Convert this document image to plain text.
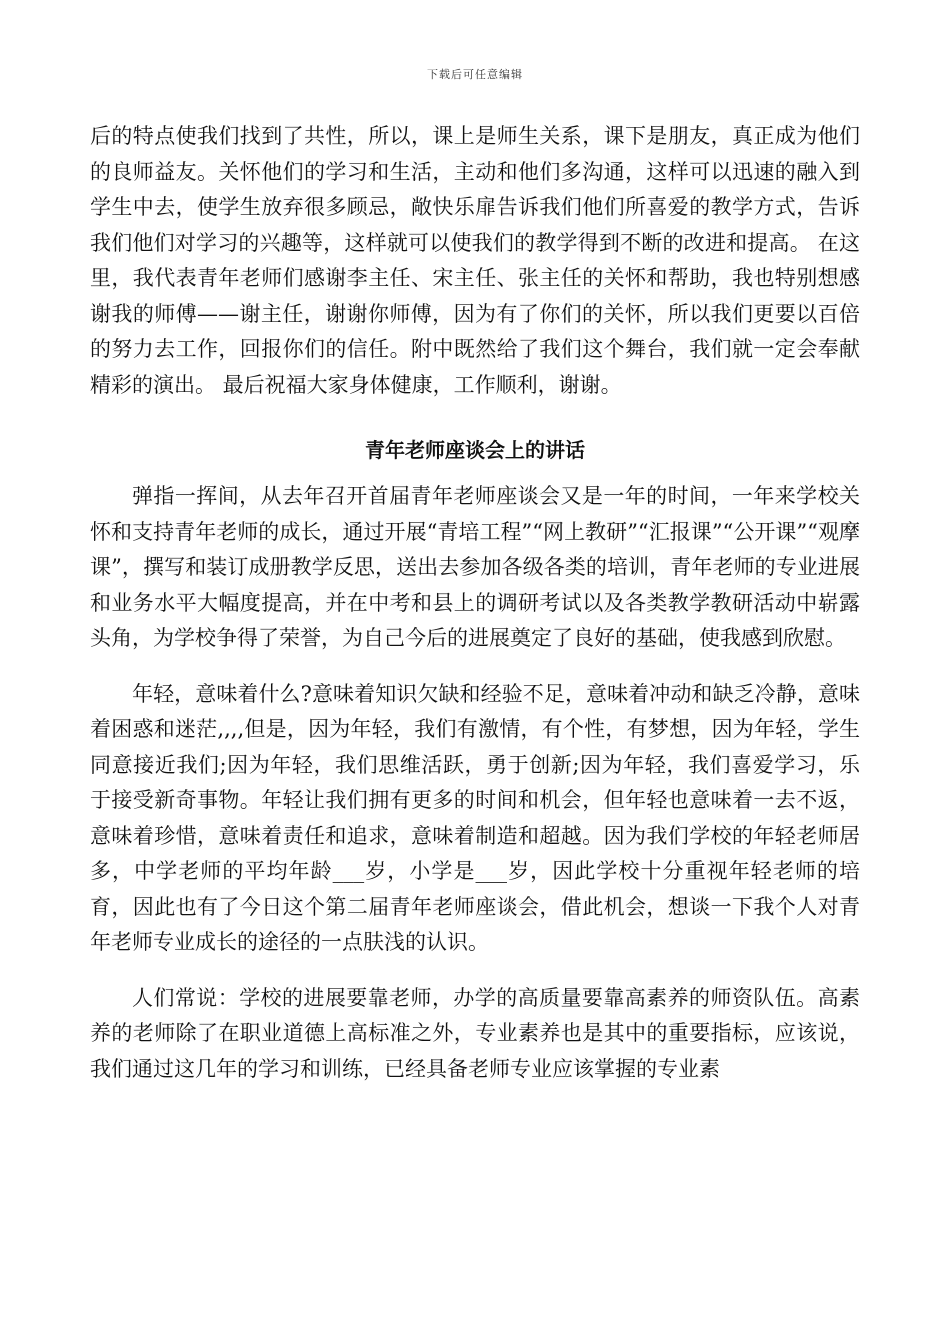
下载后可任意编辑

后的特点使我们找到了共性，所以，课上是师生关系，课下是朋友，真正成为他们的良师益友。关怀他们的学习和生活，主动和他们多沟通，这样可以迅速的融入到学生中去，使学生放弃很多顾忌，敞快乐扉告诉我们他们所喜爱的教学方式，告诉我们他们对学习的兴趣等，这样就可以使我们的教学得到不断的改进和提高。 在这里，我代表青年老师们感谢李主任、宋主任、张主任的关怀和帮助，我也特别想感谢我的师傅——谢主任，谢谢你师傅，因为有了你们的关怀，所以我们更要以百倍的努力去工作，回报你们的信任。附中既然给了我们这个舞台，我们就一定会奉献精彩的演出。 最后祝福大家身体健康，工作顺利，谢谢。

青年老师座谈会上的讲话

弹指一挥间，从去年召开首届青年老师座谈会又是一年的时间，一年来学校关怀和支持青年老师的成长，通过开展“青培工程”“网上教研”“汇报课”“公开课”“观摩课”，撰写和装订成册教学反思，送出去参加各级各类的培训，青年老师的专业进展和业务水平大幅度提高，并在中考和县上的调研考试以及各类教学教研活动中崭露头角，为学校争得了荣誉，为自己今后的进展奠定了良好的基础，使我感到欣慰。

年轻，意味着什么?意味着知识欠缺和经验不足，意味着冲动和缺乏冷静，意味着困惑和迷茫,,,,但是，因为年轻，我们有激情，有个性，有梦想，因为年轻，学生同意接近我们;因为年轻，我们思维活跃，勇于创新;因为年轻，我们喜爱学习，乐于接受新奇事物。年轻让我们拥有更多的时间和机会，但年轻也意味着一去不返，意味着珍惜，意味着责任和追求，意味着制造和超越。因为我们学校的年轻老师居多，中学老师的平均年龄___岁，小学是___岁，因此学校十分重视年轻老师的培育，因此也有了今日这个第二届青年老师座谈会，借此机会，想谈一下我个人对青年老师专业成长的途径的一点肤浅的认识。

人们常说：学校的进展要靠老师，办学的高质量要靠高素养的师资队伍。高素养的老师除了在职业道德上高标准之外，专业素养也是其中的重要指标，应该说，我们通过这几年的学习和训练，已经具备老师专业应该掌握的专业素
